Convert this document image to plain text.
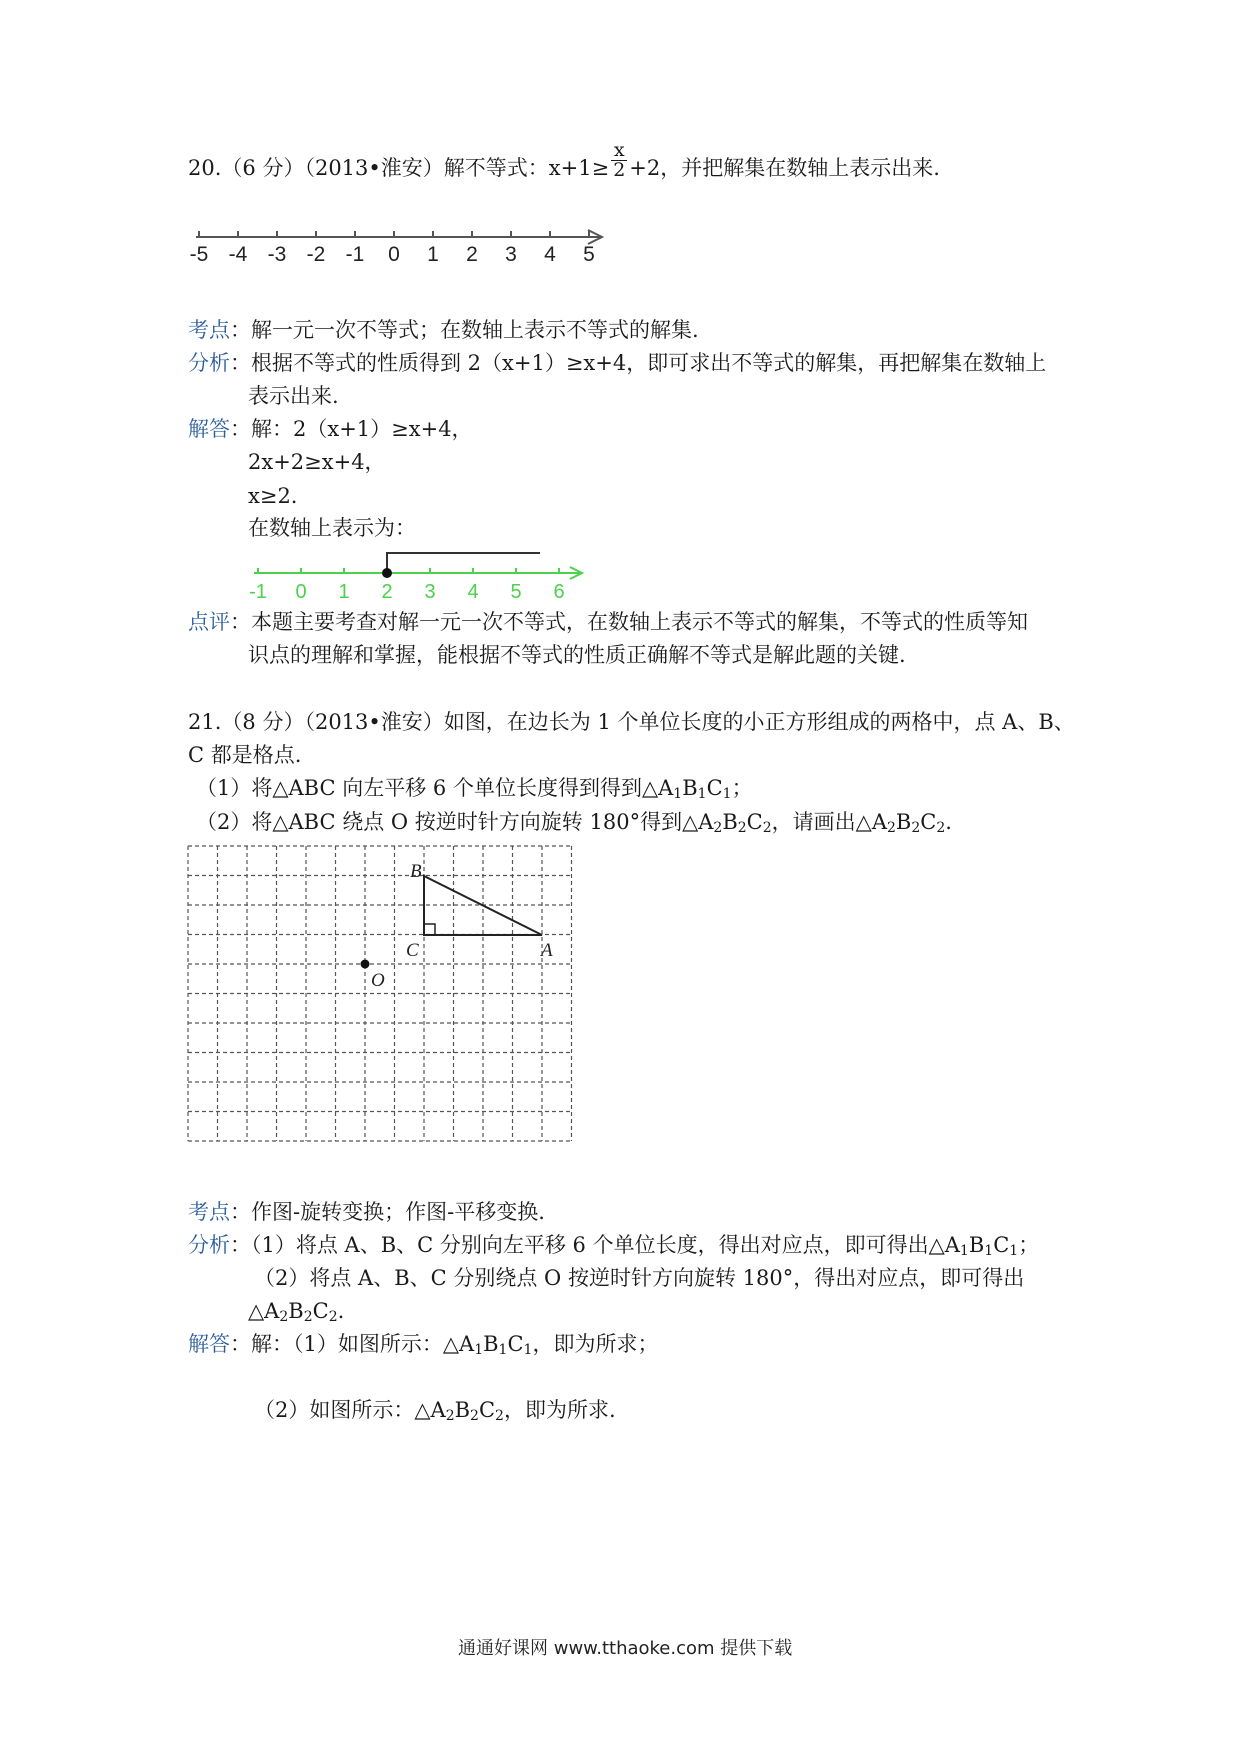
20.（6 分）（2013•淮安）解不等式：$x+1\ge \frac{x}{2} +2$，并把解集在数轴上表示出来.
-5 -4 -3 -2 -1 0 1 2 3 4 5
考点：解一元一次不等式；在数轴上表示不等式的解集.
分析：根据不等式的性质得到 2（x+1）≥x+4，即可求出不等式的解集，再把解集在数轴上
表示出来.
解答：解：2（x+1）≥x+4，
2x+2≥x+4，
x≥2.
在数轴上表示为：
-1 0 1 2 3 4 5 6
点评：本题主要考查对解一元一次不等式，在数轴上表示不等式的解集，不等式的性质等知
识点的理解和掌握，能根据不等式的性质正确解不等式是解此题的关键.
21.（8 分）（2013•淮安）如图，在边长为 1 个单位长度的小正方形组成的两格中，点 A、B、
C 都是格点.
（1）将△ABC 向左平移 6 个单位长度得到得到$\triangle A_1B_1C_1$；
（2）将△ABC 绕点 O 按逆时针方向旋转 180°得到$\triangle A_2B_2C_2$，请画出$\triangle A_2B_2C_2$.
B
C	A
O
考点：作图-旋转变换；作图-平移变换.
分析：（1）将点 A、B、C 分别向左平移 6 个单位长度，得出对应点，即可得出$\triangle A_1B_1C_1$；
（2）将点 A、B、C 分别绕点 O 按逆时针方向旋转 180°，得出对应点，即可得出
$\triangle A_2B_2C_2$.
解答：解：（1）如图所示：$\triangle A_1B_1C_1$，即为所求；
（2）如图所示：$\triangle A_2B_2C_2$，即为所求.
通通好课网 www.tthaoke.com 提供下载
